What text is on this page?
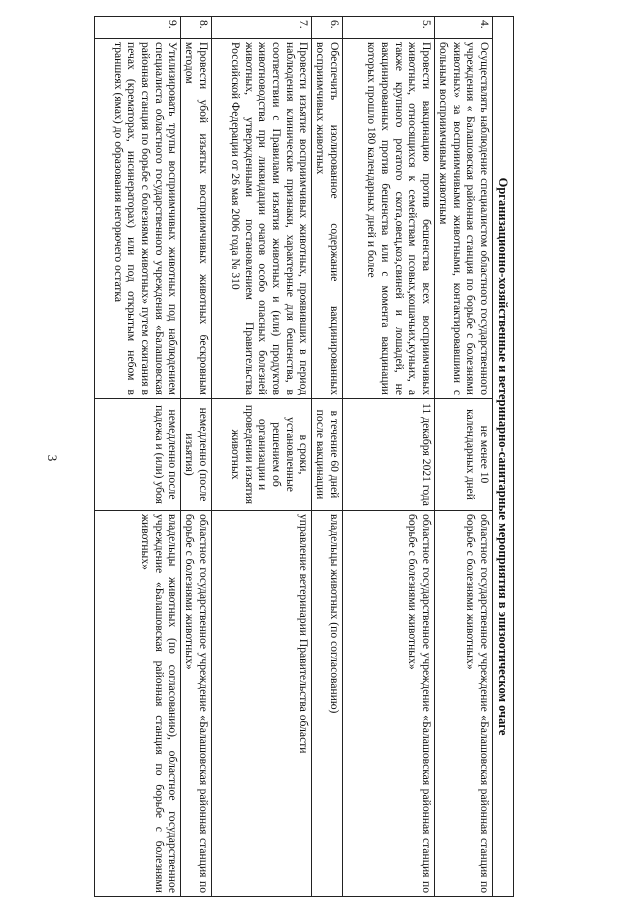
3	Организационно-хозяйственные и ветеринарно-санитарные мероприятия в эпизоотическом очаге			
4.	Осуществлять наблюдение специалистом областного государственного учреждения « Балашовская районная станция по борьбе с болезнями животных» за восприимчивыми животными, контактировавшими с больным восприимчивым животным	не менее 10 календарных дней	областное государственное учреждение «Балашовская районная станция по борьбе с болезнями животных»
5.	Провести вакцинацию против бешенства всех восприимчивых животных, относящихся к семействам псовых,кошачьих,куньих, а также крупного рогатого скота,овец,коз,свиней и лошадей, не вакцинированных против бешенства или с момента вакцинации которых прошло 180 календарных дней и более	11 декабря 2021 года	областное государственное учреждение «Балашовская районная станция по борьбе с болезнями животных»
6.	Обеспечить изолированное содержание вакцинированных восприимчивых животных	в течение 60 дней после вакцинации	владельцы животных (по согласованию)
7.	Провести изъятие восприимчивых животных, проявивших в период наблюдения клинические признаки, характерные для бешенства, в соответствии с Правилами изъятия животных и (или) продуктов животноводства при ликвидации очагов особо опасных болезней животных, утвержденными постановлением Правительства Российской Федерации от 26 мая 2006 года № 310	в сроки, установленные решением об организации и проведении изъятия животных	управление ветеринарии Правительства области
8.	Провести убой изъятых восприимчивых животных бескровным методом	немедленно (после изъятия)	областное государственное учреждение «Балашовская районная станция по борьбе с болезнями животных»
9.	Утилизировать трупы восприимчивых животных под наблюдением специалиста областного государственного учреждения «Балашовская районная станция по борьбе с болезнями животных» путем сжигания в печах (крематорах, инсинераторах) или под открытым небом в траншеях (ямах) до образования негорючего остатка	немедленно после падежа и (или) убоя	владельцы животных (по согласованию), областное государственное учреждение «Балашовская районная станция по борьбе с болезнями животных»
